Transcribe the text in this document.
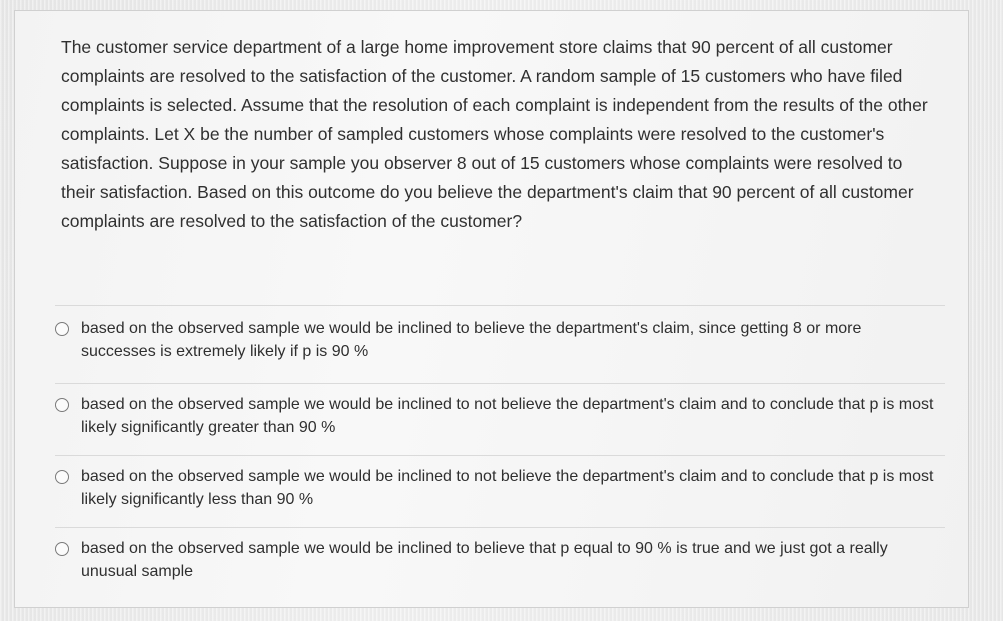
The customer service department of a large home improvement store claims that 90 percent of all customer complaints are resolved to the satisfaction of the customer. A random sample of 15 customers who have filed complaints is selected. Assume that the resolution of each complaint is independent from the results of the other complaints. Let X be the number of sampled customers whose complaints were resolved to the customer's satisfaction. Suppose in your sample you observer 8 out of 15 customers whose complaints were resolved to their satisfaction. Based on this outcome do you believe the department's claim that 90 percent of all customer complaints are resolved to the satisfaction of the customer?

based on the observed sample we would be inclined to believe the department's claim, since getting 8 or more successes is extremely likely if p is 90 %
based on the observed sample we would be inclined to not believe the department's claim and to conclude that p is most likely significantly greater than 90 %
based on the observed sample we would be inclined to not believe the department's claim and to conclude that p is most likely significantly less than 90 %
based on the observed sample we would be inclined to believe that p equal to 90 % is true and we just got a really unusual sample
